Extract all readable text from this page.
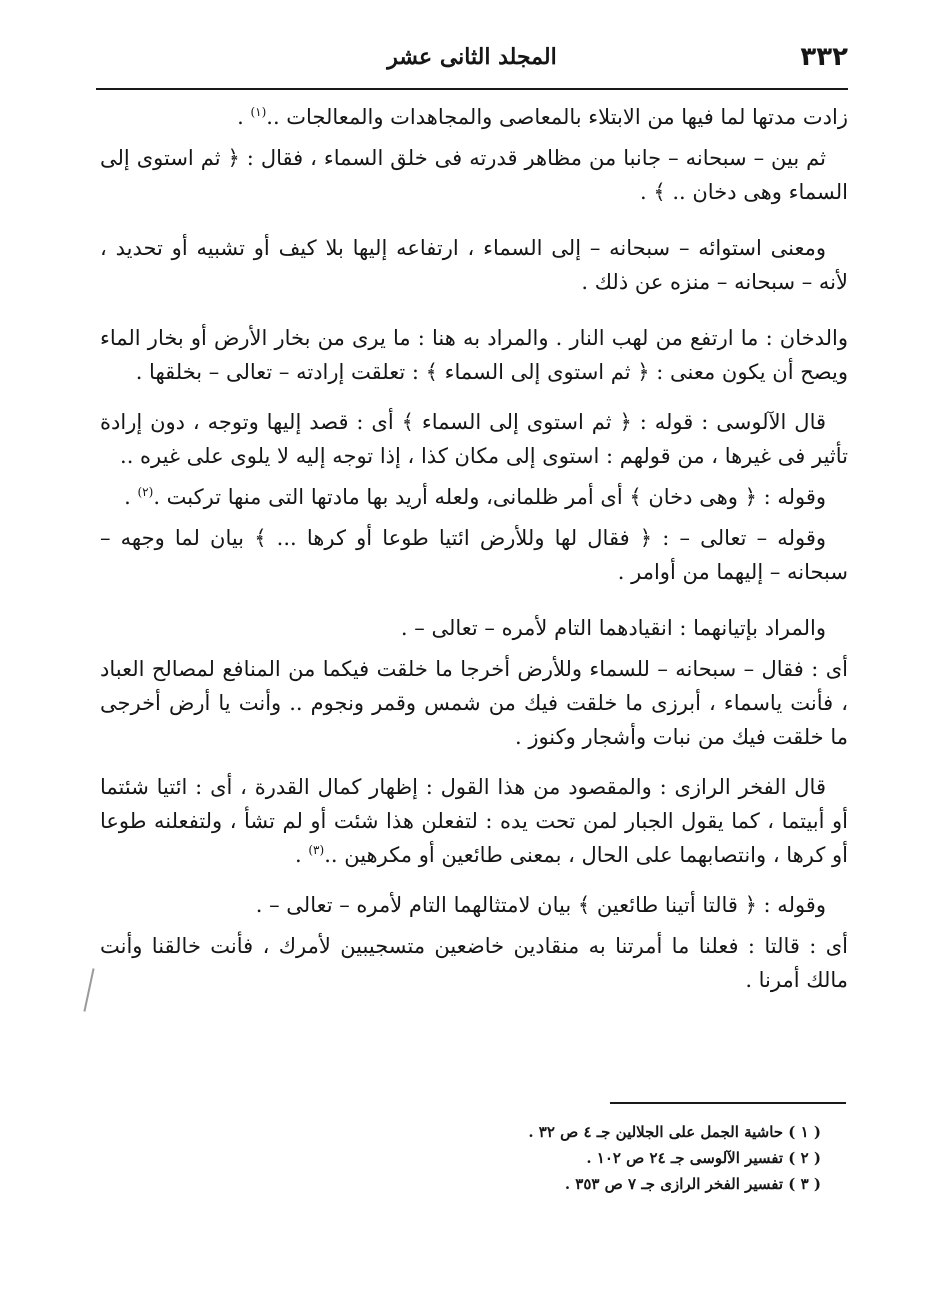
٣٣٢
المجلد الثانى عشر

زادت مدتها لما فيها من الابتلاء بالمعاصى والمجاهدات والمعالجات ..$^{(١)}$ .

ثم بين – سبحانه – جانبا من مظاهر قدرته فى خلق السماء ، فقال : ﴿ ثم استوى إلى السماء وهى دخان .. ﴾ .

ومعنى استوائه – سبحانه – إلى السماء ، ارتفاعه إليها بلا كيف أو تشبيه أو تحديد ، لأنه – سبحانه – منزه عن ذلك .

والدخان : ما ارتفع من لهب النار . والمراد به هنا : ما يرى من بخار الأرض أو بخار الماء ويصح أن يكون معنى : ﴿ ثم استوى إلى السماء ﴾ : تعلقت إرادته – تعالى – بخلقها .

قال الآلوسى : قوله : ﴿ ثم استوى إلى السماء ﴾ أى : قصد إليها وتوجه ، دون إرادة تأثير فى غيرها ، من قولهم : استوى إلى مكان كذا ، إذا توجه إليه لا يلوى على غيره ..

وقوله : ﴿ وهى دخان ﴾ أى أمر ظلمانى، ولعله أريد بها مادتها التى منها تركبت .$^{(٢)}$ .

وقوله – تعالى – : ﴿ فقال لها وللأرض ائتيا طوعا أو كرها ... ﴾ بيان لما وجهه – سبحانه – إليهما من أوامر .

والمراد بإتيانهما : انقيادهما التام لأمره – تعالى – .

أى : فقال – سبحانه – للسماء وللأرض أخرجا ما خلقت فيكما من المنافع لمصالح العباد ، فأنت ياسماء ، أبرزى ما خلقت فيك من شمس وقمر ونجوم .. وأنت يا أرض أخرجى ما خلقت فيك من نبات وأشجار وكنوز .

قال الفخر الرازى : والمقصود من هذا القول : إظهار كمال القدرة ، أى : ائتيا شئتما أو أبيتما ، كما يقول الجبار لمن تحت يده : لتفعلن هذا شئت أو لم تشأ ، ولتفعلنه طوعا أو كرها ، وانتصابهما على الحال ، بمعنى طائعين أو مكرهين ..$^{(٣)}$ .

وقوله : ﴿ قالتا أتينا طائعين ﴾ بيان لامتثالهما التام لأمره – تعالى – .

أى : قالتا : فعلنا ما أمرتنا به منقادين خاضعين متسجيبين لأمرك ، فأنت خالقنا وأنت مالك أمرنا .

( ١ ) حاشية الجمل على الجلالين جـ ٤ ص ٣٢ .

( ٢ ) تفسير الآلوسى جـ ٢٤ ص ١٠٢ .

( ٣ ) تفسير الفخر الرازى جـ ٧ ص ٣٥٣ .
